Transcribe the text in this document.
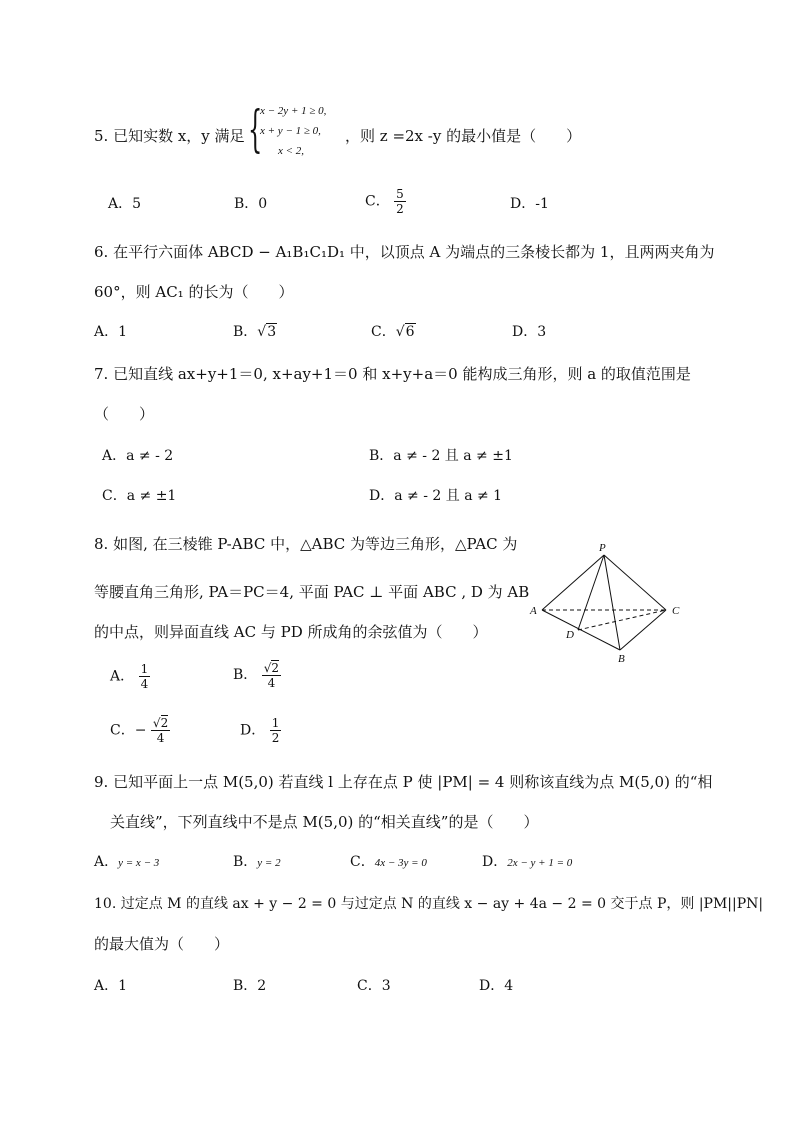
5. 已知实数 x，y 满足 {
x − 2y + 1 ≥ 0,
x + y − 1 ≥ 0,
x < 2,
，则 z =2x -y 的最小值是（　　）
A．5	B．0	C． $\frac{5}{2}$	D．-1
6. 在平行六面体 ABCD − A₁B₁C₁D₁ 中，以顶点 A 为端点的三条棱长都为 1，且两两夹角为
60°，则 AC₁ 的长为（　　）
A．1	B．√3	C．√6	D．3
7. 已知直线 ax+y+1＝0, x+ay+1＝0 和 x+y+a＝0 能构成三角形，则 a 的取值范围是
（　　）
A．a ≠ - 2	B．a ≠ - 2 且 a ≠ ±1
C．a ≠ ±1	D．a ≠ - 2 且 a ≠ 1
8. 如图, 在三棱锥 P-ABC 中，△ABC 为等边三角形，△PAC 为
等腰直角三角形, PA＝PC＝4, 平面 PAC ⊥ 平面 ABC , D 为 AB
的中点，则异面直线 AC 与 PD 所成角的余弦值为（　　）
A． $\frac{1}{4}$	B． $\frac{√2}{4}$
C．− $\frac{√2}{4}$	D． $\frac{1}{2}$
P
A	C
D
B
9. 已知平面上一点 M(5,0) 若直线 l 上存在点 P 使 |PM| = 4 则称该直线为点 M(5,0) 的“相
关直线”，下列直线中不是点 M(5,0) 的“相关直线”的是（　　）
A．y = x − 3	B．y = 2	C．4x − 3y = 0	D．2x − y + 1 = 0
10. 过定点 M 的直线 ax + y − 2 = 0 与过定点 N 的直线 x − ay + 4a − 2 = 0 交于点 P，则 |PM||PN|
的最大值为（　　）
A．1	B．2	C．3	D．4
